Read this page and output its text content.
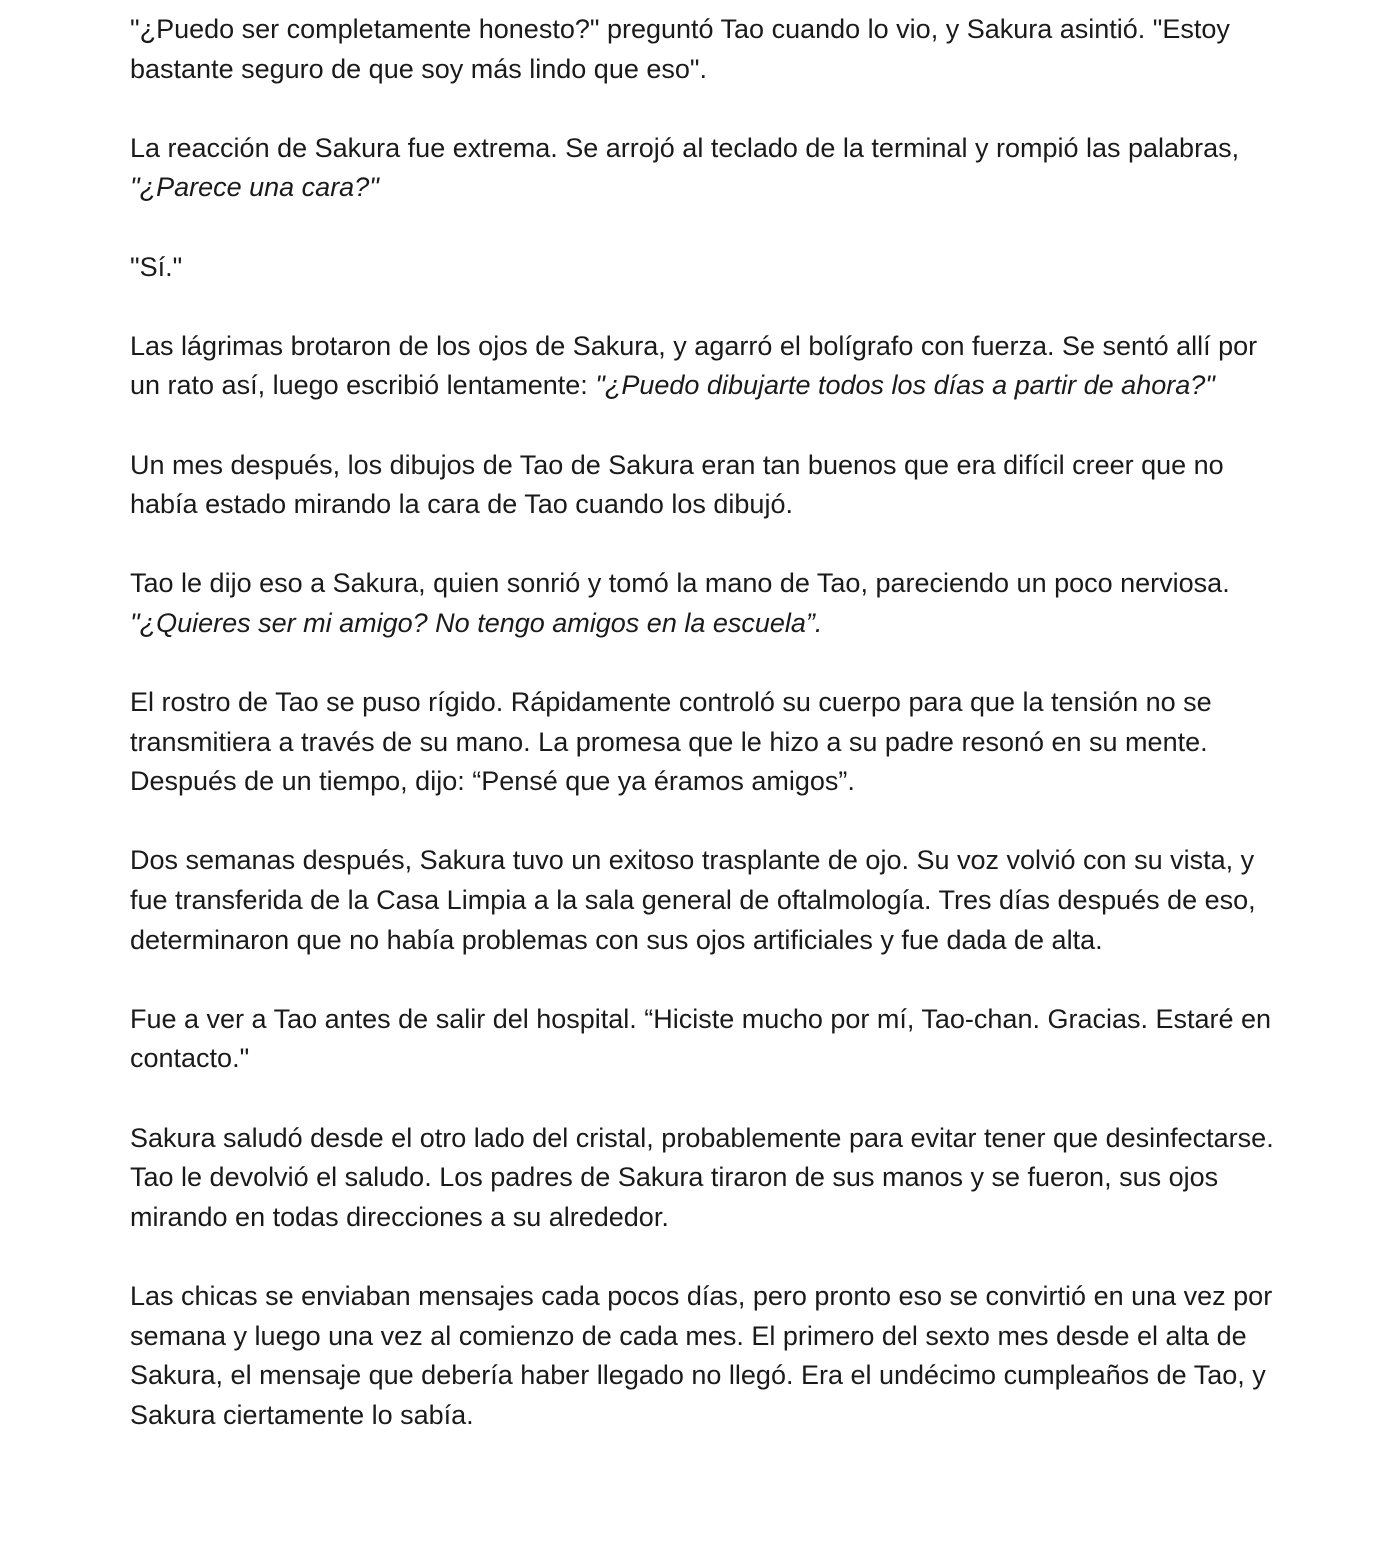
"¿Puedo ser completamente honesto?" preguntó Tao cuando lo vio, y Sakura asintió. "Estoy bastante seguro de que soy más lindo que eso".

La reacción de Sakura fue extrema. Se arrojó al teclado de la terminal y rompió las palabras, "¿Parece una cara?"

"Sí."

Las lágrimas brotaron de los ojos de Sakura, y agarró el bolígrafo con fuerza. Se sentó allí por un rato así, luego escribió lentamente: "¿Puedo dibujarte todos los días a partir de ahora?"

Un mes después, los dibujos de Tao de Sakura eran tan buenos que era difícil creer que no había estado mirando la cara de Tao cuando los dibujó.

Tao le dijo eso a Sakura, quien sonrió y tomó la mano de Tao, pareciendo un poco nerviosa. "¿Quieres ser mi amigo? No tengo amigos en la escuela”.

El rostro de Tao se puso rígido. Rápidamente controló su cuerpo para que la tensión no se transmitiera a través de su mano. La promesa que le hizo a su padre resonó en su mente. Después de un tiempo, dijo: “Pensé que ya éramos amigos”.

Dos semanas después, Sakura tuvo un exitoso trasplante de ojo. Su voz volvió con su vista, y fue transferida de la Casa Limpia a la sala general de oftalmología. Tres días después de eso, determinaron que no había problemas con sus ojos artificiales y fue dada de alta.

Fue a ver a Tao antes de salir del hospital. “Hiciste mucho por mí, Tao-chan. Gracias. Estaré en contacto."

Sakura saludó desde el otro lado del cristal, probablemente para evitar tener que desinfectarse. Tao le devolvió el saludo. Los padres de Sakura tiraron de sus manos y se fueron, sus ojos mirando en todas direcciones a su alrededor.

Las chicas se enviaban mensajes cada pocos días, pero pronto eso se convirtió en una vez por semana y luego una vez al comienzo de cada mes. El primero del sexto mes desde el alta de Sakura, el mensaje que debería haber llegado no llegó. Era el undécimo cumpleaños de Tao, y Sakura ciertamente lo sabía.
